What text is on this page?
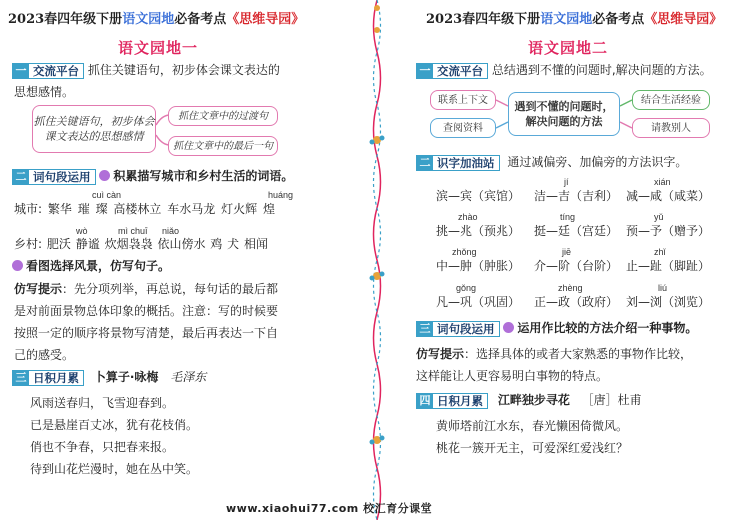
2023春四年级下册语文园地必备考点《思维导园》
语文园地一
一 交流平台 抓住关键语句，初步体会课文表达的
思想感情。
抓住关键语句，初步体会课文表达的思想感情
抓住文章中的过渡句
抓住文章中的最后一句
二 词句段运用	积累描写城市和乡村生活的词语。
cuì càn	huáng
城市: 繁华 璀 璨 高楼林立 车水马龙 灯火辉 煌
wò	mì chuī niǎo
乡村: 肥沃 静谧 炊烟袅袅 依山傍水 鸡 犬 相闻
看图选择风景，仿写句子。
仿写提示：先分项列举，再总说，每句话的最后都
是对前面景物总体印象的概括。注意：写的时候要
按照一定的顺序将景物写清楚，最后再表达一下自
己的感受。
三 日积月累	卜算子·咏梅 毛泽东
风雨送春归，飞雪迎春到。
已是悬崖百丈冰，犹有花枝俏。
俏也不争春，只把春来报。
待到山花烂漫时，她在丛中笑。
2023春四年级下册语文园地必备考点《思维导园》
语文园地二
一 交流平台 总结遇到不懂的问题时,解决问题的方法。
联系上下文
查阅资料
遇到不懂的问题时，
解决问题的方法
结合生活经验
请教别人
二 识字加油站	通过减偏旁、加偏旁的方法识字。
jí	xián
滨—宾（宾馆） 洁—吉（吉利） 减—咸（咸菜）
zhào	tíng	yǔ
挑—兆（预兆） 挺—廷（宫廷） 预—予（赠予）
zhǒng	jiē	zhǐ
中—肿（肿胀） 介—阶（台阶） 止—趾（脚趾）
gǒng	zhèng	liú
凡—巩（巩固） 正—政（政府） 刘—浏（浏览）
三 词句段运用	运用作比较的方法介绍一种事物。
仿写提示：选择具体的或者大家熟悉的事物作比较，
这样能让人更容易明白事物的特点。
四 日积月累	江畔独步寻花 ［唐］杜甫
黄师塔前江水东，春光懒困倚微风。
桃花一簇开无主，可爱深红爱浅红？
www.xiaohui77.com 校汇育分课堂
